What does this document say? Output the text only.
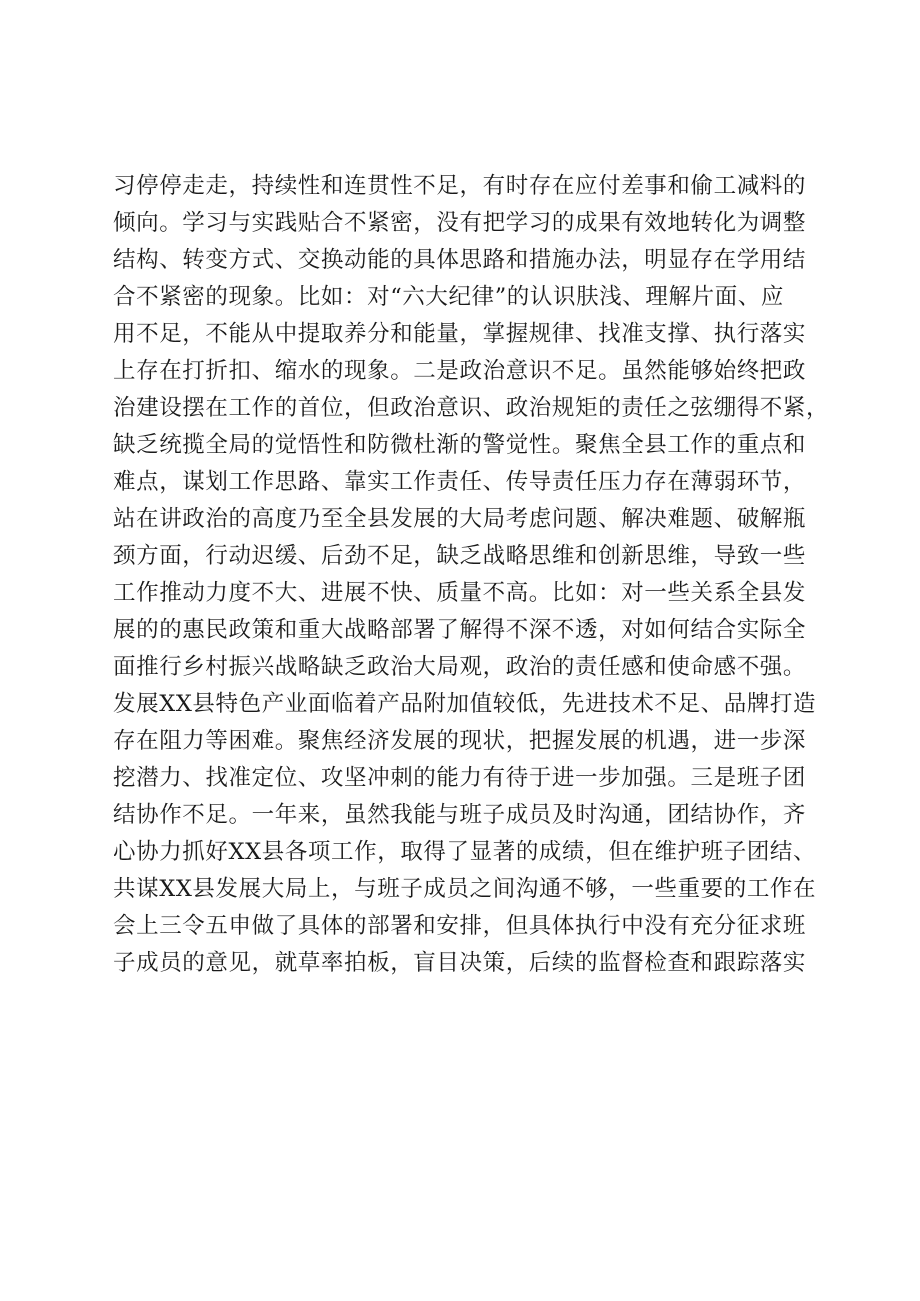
习停停走走，持续性和连贯性不足，有时存在应付差事和偷工减料的
倾向。学习与实践贴合不紧密，没有把学习的成果有效地转化为调整
结构、转变方式、交换动能的具体思路和措施办法，明显存在学用结
合不紧密的现象。比如：对“六大纪律”的认识肤浅、理解片面、应
用不足，不能从中提取养分和能量，掌握规律、找准支撑、执行落实
上存在打折扣、缩水的现象。二是政治意识不足。虽然能够始终把政
治建设摆在工作的首位，但政治意识、政治规矩的责任之弦绷得不紧，
缺乏统揽全局的觉悟性和防微杜渐的警觉性。聚焦全县工作的重点和
难点，谋划工作思路、靠实工作责任、传导责任压力存在薄弱环节，
站在讲政治的高度乃至全县发展的大局考虑问题、解决难题、破解瓶
颈方面，行动迟缓、后劲不足，缺乏战略思维和创新思维，导致一些
工作推动力度不大、进展不快、质量不高。比如：对一些关系全县发
展的的惠民政策和重大战略部署了解得不深不透，对如何结合实际全
面推行乡村振兴战略缺乏政治大局观，政治的责任感和使命感不强。
发展XX县特色产业面临着产品附加值较低，先进技术不足、品牌打造
存在阻力等困难。聚焦经济发展的现状，把握发展的机遇，进一步深
挖潜力、找准定位、攻坚冲刺的能力有待于进一步加强。三是班子团
结协作不足。一年来，虽然我能与班子成员及时沟通，团结协作，齐
心协力抓好XX县各项工作，取得了显著的成绩，但在维护班子团结、
共谋XX县发展大局上，与班子成员之间沟通不够，一些重要的工作在
会上三令五申做了具体的部署和安排，但具体执行中没有充分征求班
子成员的意见，就草率拍板，盲目决策，后续的监督检查和跟踪落实
